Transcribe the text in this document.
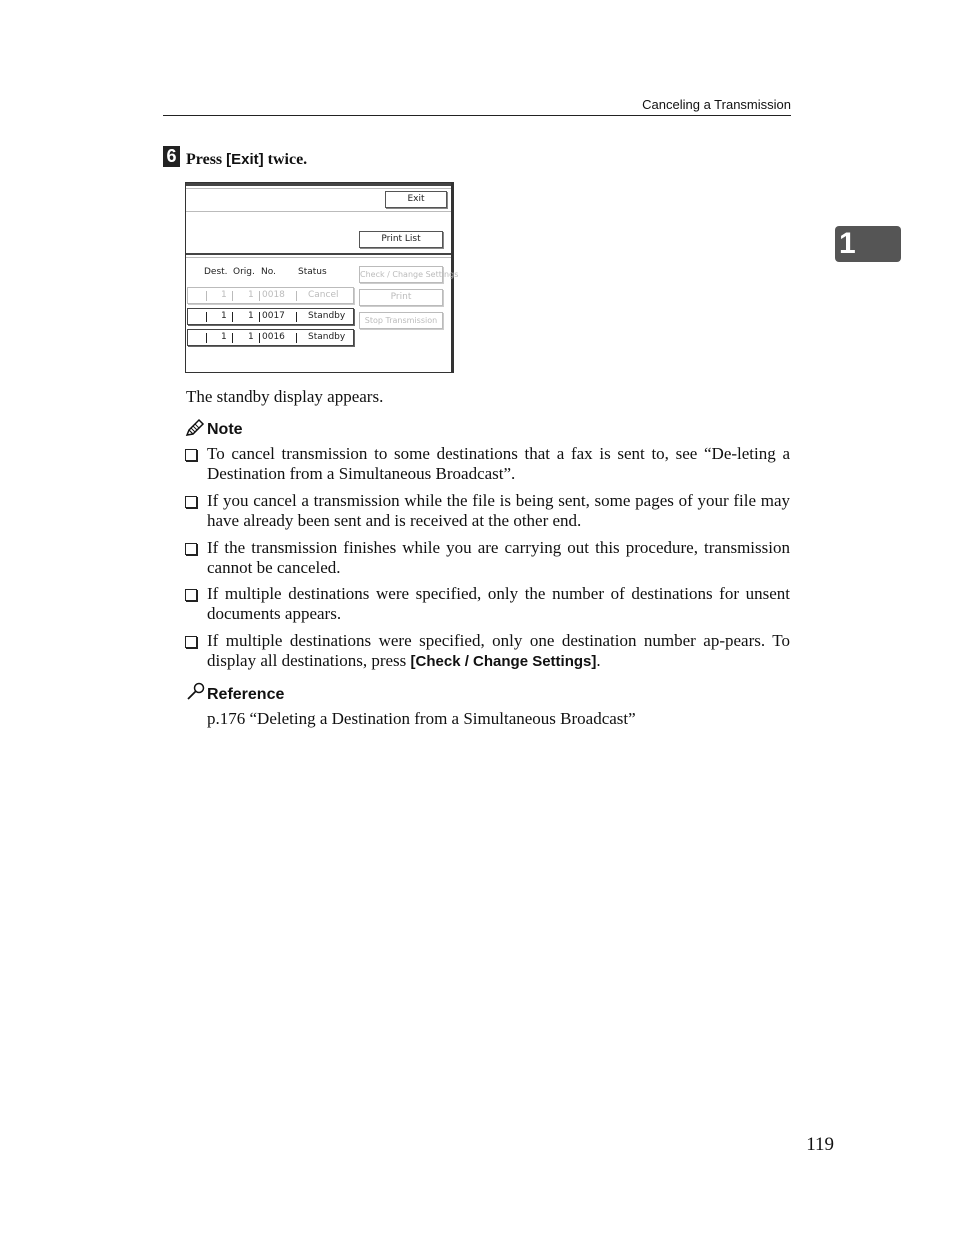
Canceling a Transmission
1
6 Press [Exit] twice.
Exit
Print List
Dest. Orig. No. Status
1 1 0018	Cancel
1 1 0017	Standby
1 1 0016	Standby
Check / Change Settings
Print
Stop Transmission
The standby display appears.
Note
To cancel transmission to some destinations that a fax is sent to, see “De-leting a Destination from a Simultaneous Broadcast”.
If you cancel a transmission while the file is being sent, some pages of your file may have already been sent and is received at the other end.
If the transmission finishes while you are carrying out this procedure, transmission cannot be canceled.
If multiple destinations were specified, only the number of destinations for unsent documents appears.
If multiple destinations were specified, only one destination number ap-pears. To display all destinations, press [Check / Change Settings].
Reference
p.176 “Deleting a Destination from a Simultaneous Broadcast”
119
